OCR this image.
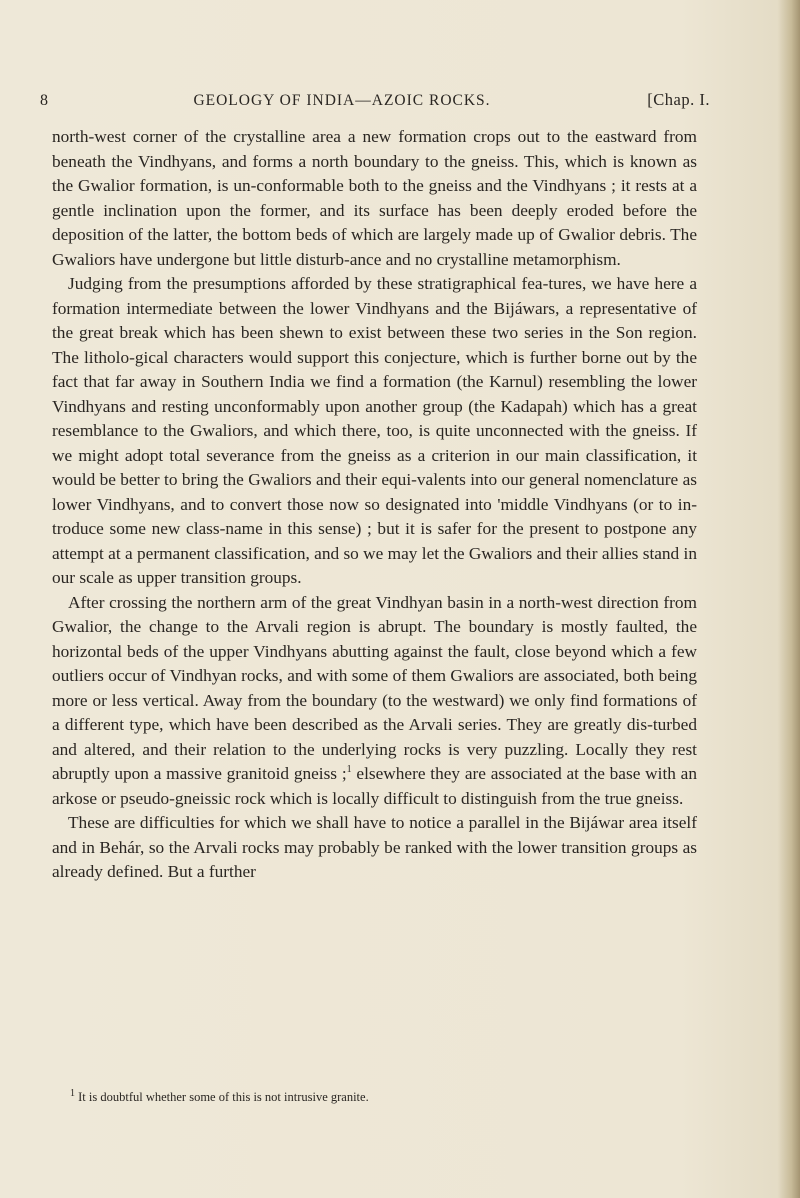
8	GEOLOGY OF INDIA—AZOIC ROCKS.	[Chap. I.

north-west corner of the crystalline area a new formation crops out to the eastward from beneath the Vindhyans, and forms a north boundary to the gneiss. This, which is known as the Gwalior formation, is un-conformable both to the gneiss and the Vindhyans ; it rests at a gentle inclination upon the former, and its surface has been deeply eroded before the deposition of the latter, the bottom beds of which are largely made up of Gwalior debris. The Gwaliors have undergone but little disturb-ance and no crystalline metamorphism.

Judging from the presumptions afforded by these stratigraphical fea-tures, we have here a formation intermediate between the lower Vindhyans and the Bijáwars, a representative of the great break which has been shewn to exist between these two series in the Son region. The litholo-gical characters would support this conjecture, which is further borne out by the fact that far away in Southern India we find a formation (the Karnul) resembling the lower Vindhyans and resting unconformably upon another group (the Kadapah) which has a great resemblance to the Gwaliors, and which there, too, is quite unconnected with the gneiss. If we might adopt total severance from the gneiss as a criterion in our main classification, it would be better to bring the Gwaliors and their equi-valents into our general nomenclature as lower Vindhyans, and to convert those now so designated into 'middle Vindhyans (or to in-troduce some new class-name in this sense) ; but it is safer for the present to postpone any attempt at a permanent classification, and so we may let the Gwaliors and their allies stand in our scale as upper transition groups.

After crossing the northern arm of the great Vindhyan basin in a north-west direction from Gwalior, the change to the Arvali region is abrupt. The boundary is mostly faulted, the horizontal beds of the upper Vindhyans abutting against the fault, close beyond which a few outliers occur of Vindhyan rocks, and with some of them Gwaliors are associated, both being more or less vertical. Away from the boundary (to the westward) we only find formations of a different type, which have been described as the Arvali series. They are greatly dis-turbed and altered, and their relation to the underlying rocks is very puzzling. Locally they rest abruptly upon a massive granitoid gneiss ;$^1$ elsewhere they are associated at the base with an arkose or pseudo-gneissic rock which is locally difficult to distinguish from the true gneiss.

These are difficulties for which we shall have to notice a parallel in the Bijáwar area itself and in Behár, so the Arvali rocks may probably be ranked with the lower transition groups as already defined. But a further

$^1$ It is doubtful whether some of this is not intrusive granite.
